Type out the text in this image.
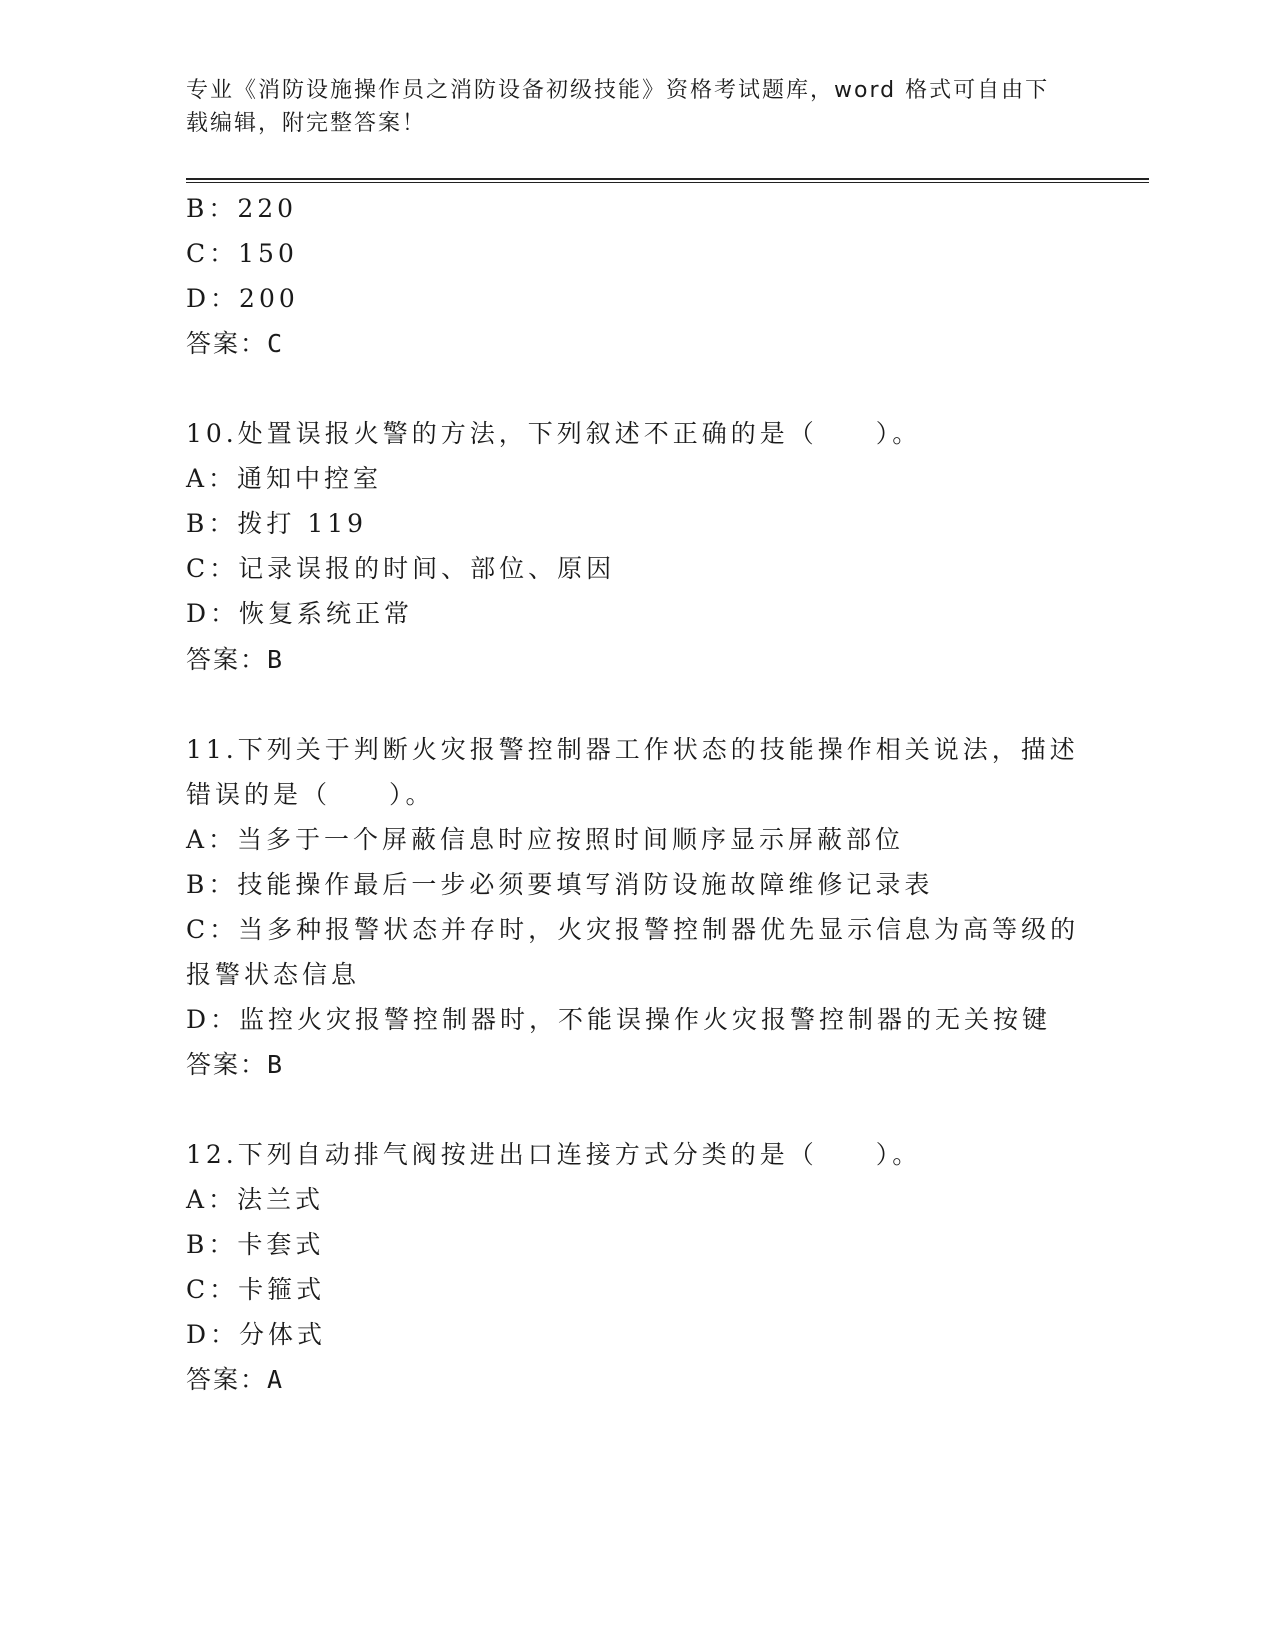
专业《消防设施操作员之消防设备初级技能》资格考试题库，word 格式可自由下载编辑，附完整答案！
B：220
C：150
D：200
答案：C
10.处置误报火警的方法，下列叙述不正确的是（　　）。
A：通知中控室
B：拨打 119
C：记录误报的时间、部位、原因
D：恢复系统正常
答案：B
11.下列关于判断火灾报警控制器工作状态的技能操作相关说法，描述
错误的是（　　）。
A：当多于一个屏蔽信息时应按照时间顺序显示屏蔽部位
B：技能操作最后一步必须要填写消防设施故障维修记录表
C：当多种报警状态并存时，火灾报警控制器优先显示信息为高等级的
报警状态信息
D：监控火灾报警控制器时，不能误操作火灾报警控制器的无关按键
答案：B
12.下列自动排气阀按进出口连接方式分类的是（　　）。
A：法兰式
B：卡套式
C：卡箍式
D：分体式
答案：A
